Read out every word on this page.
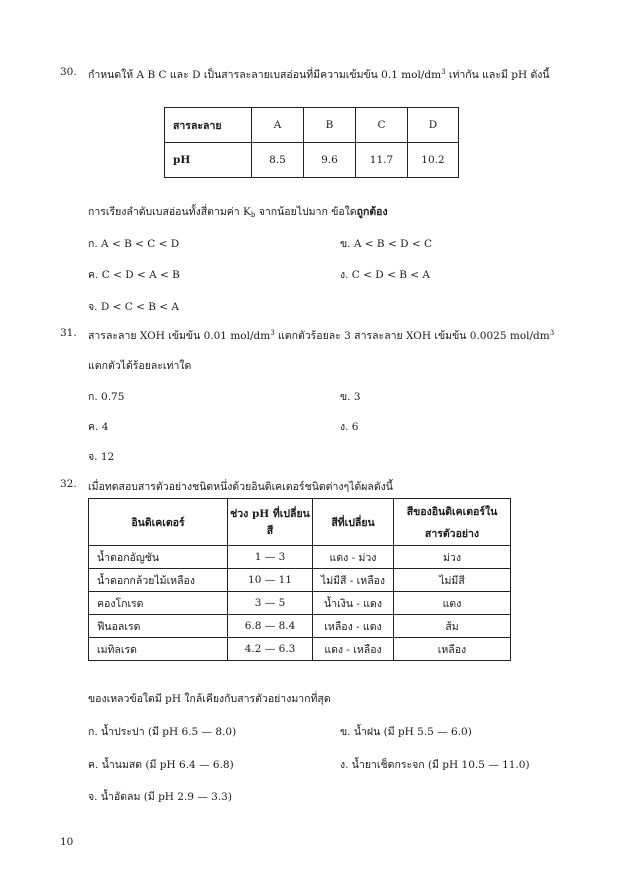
30. กำหนดให้ A B C และ D เป็นสารละลายเบสอ่อนที่มีความเข้มข้น 0.1 mol/$dm^3$ เท่ากัน และมี pH ดังนี้
สารละลาย	A	B	C	D
pH	8.5	9.6	11.7	10.2
การเรียงลำดับเบสอ่อนทั้งสี่ตามค่า $K_b$ จากน้อยไปมาก ข้อใดถูกต้อง
ก. A < B < C < D	ข. A < B < D < C
ค. C < D < A < B	ง. C < D < B < A
จ. D < C < B < A
31. สารละลาย XOH เข้มข้น 0.01 mol/$dm^3$ แตกตัวร้อยละ 3 สารละลาย XOH เข้มข้น 0.0025 mol/$dm^3$
แตกตัวได้ร้อยละเท่าใด
ก. 0.75	ข. 3
ค. 4	ง. 6
จ. 12
32. เมื่อทดสอบสารตัวอย่างชนิดหนึ่งด้วยอินดิเคเตอร์ชนิดต่างๆได้ผลดังนี้
อินดิเคเตอร์	ช่วง pH ที่เปลี่ยนสี	สีที่เปลี่ยน	สีของอินดิเคเตอร์ใน
สารตัวอย่าง

น้ำดอกอัญชัน	1 — 3	แดง - ม่วง	ม่วง
น้ำดอกกล้วยไม้เหลือง	10 — 11	ไม่มีสี - เหลือง	ไม่มีสี
คองโกเรด	3 — 5	น้ำเงิน - แดง	แดง
ฟีนอลเรด	6.8 — 8.4	เหลือง - แดง	ส้ม
เมทิลเรด	4.2 — 6.3	แดง - เหลือง	เหลือง
ของเหลวข้อใดมี pH ใกล้เคียงกับสารตัวอย่างมากที่สุด
ก. น้ำประปา (มี pH 6.5 — 8.0)	ข. น้ำฝน (มี pH 5.5 — 6.0)
ค. น้ำนมสด (มี pH 6.4 — 6.8)	ง. น้ำยาเช็ดกระจก (มี pH 10.5 — 11.0)
จ. น้ำอัดลม (มี pH 2.9 — 3.3)
10
